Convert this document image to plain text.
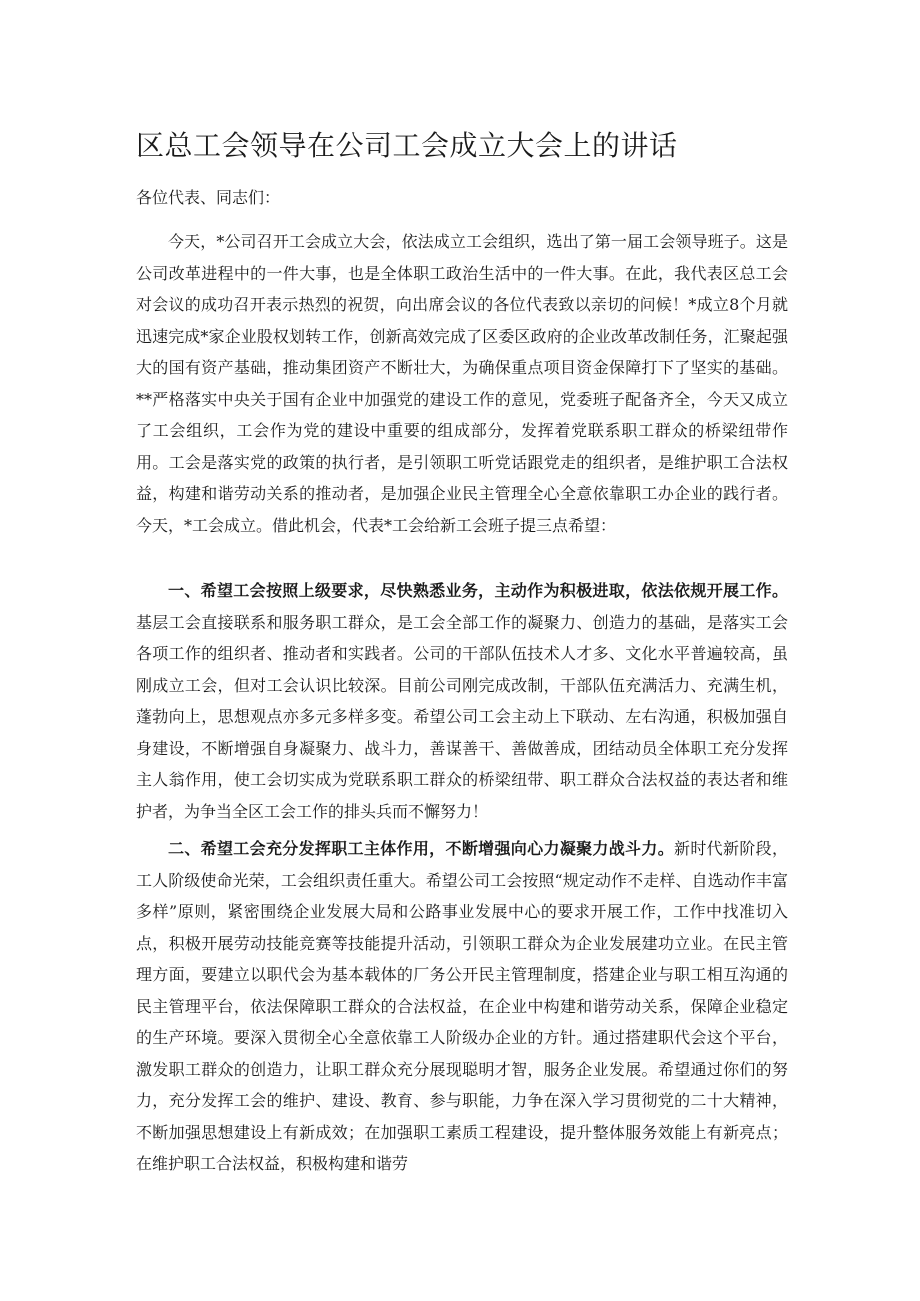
区总工会领导在公司工会成立大会上的讲话

各位代表、同志们：

今天，*公司召开工会成立大会，依法成立工会组织，选出了第一届工会领导班子。这是公司改革进程中的一件大事，也是全体职工政治生活中的一件大事。在此，我代表区总工会对会议的成功召开表示热烈的祝贺，向出席会议的各位代表致以亲切的问候！*成立8个月就迅速完成*家企业股权划转工作，创新高效完成了区委区政府的企业改革改制任务，汇聚起强大的国有资产基础，推动集团资产不断壮大，为确保重点项目资金保障打下了坚实的基础。**严格落实中央关于国有企业中加强党的建设工作的意见，党委班子配备齐全，今天又成立了工会组织，工会作为党的建设中重要的组成部分，发挥着党联系职工群众的桥梁纽带作用。工会是落实党的政策的执行者，是引领职工听党话跟党走的组织者，是维护职工合法权益，构建和谐劳动关系的推动者，是加强企业民主管理全心全意依靠职工办企业的践行者。今天，*工会成立。借此机会，代表*工会给新工会班子提三点希望：

一、希望工会按照上级要求，尽快熟悉业务，主动作为积极进取，依法依规开展工作。基层工会直接联系和服务职工群众，是工会全部工作的凝聚力、创造力的基础，是落实工会各项工作的组织者、推动者和实践者。公司的干部队伍技术人才多、文化水平普遍较高，虽刚成立工会，但对工会认识比较深。目前公司刚完成改制，干部队伍充满活力、充满生机，蓬勃向上，思想观点亦多元多样多变。希望公司工会主动上下联动、左右沟通，积极加强自身建设，不断增强自身凝聚力、战斗力，善谋善干、善做善成，团结动员全体职工充分发挥主人翁作用，使工会切实成为党联系职工群众的桥梁纽带、职工群众合法权益的表达者和维护者，为争当全区工会工作的排头兵而不懈努力！

二、希望工会充分发挥职工主体作用，不断增强向心力凝聚力战斗力。新时代新阶段，工人阶级使命光荣，工会组织责任重大。希望公司工会按照“规定动作不走样、自选动作丰富多样”原则，紧密围绕企业发展大局和公路事业发展中心的要求开展工作，工作中找准切入点，积极开展劳动技能竞赛等技能提升活动，引领职工群众为企业发展建功立业。在民主管理方面，要建立以职代会为基本载体的厂务公开民主管理制度，搭建企业与职工相互沟通的民主管理平台，依法保障职工群众的合法权益，在企业中构建和谐劳动关系，保障企业稳定的生产环境。要深入贯彻全心全意依靠工人阶级办企业的方针。通过搭建职代会这个平台，激发职工群众的创造力，让职工群众充分展现聪明才智，服务企业发展。希望通过你们的努力，充分发挥工会的维护、建设、教育、参与职能，力争在深入学习贯彻党的二十大精神，不断加强思想建设上有新成效；在加强职工素质工程建设，提升整体服务效能上有新亮点；在维护职工合法权益，积极构建和谐劳
